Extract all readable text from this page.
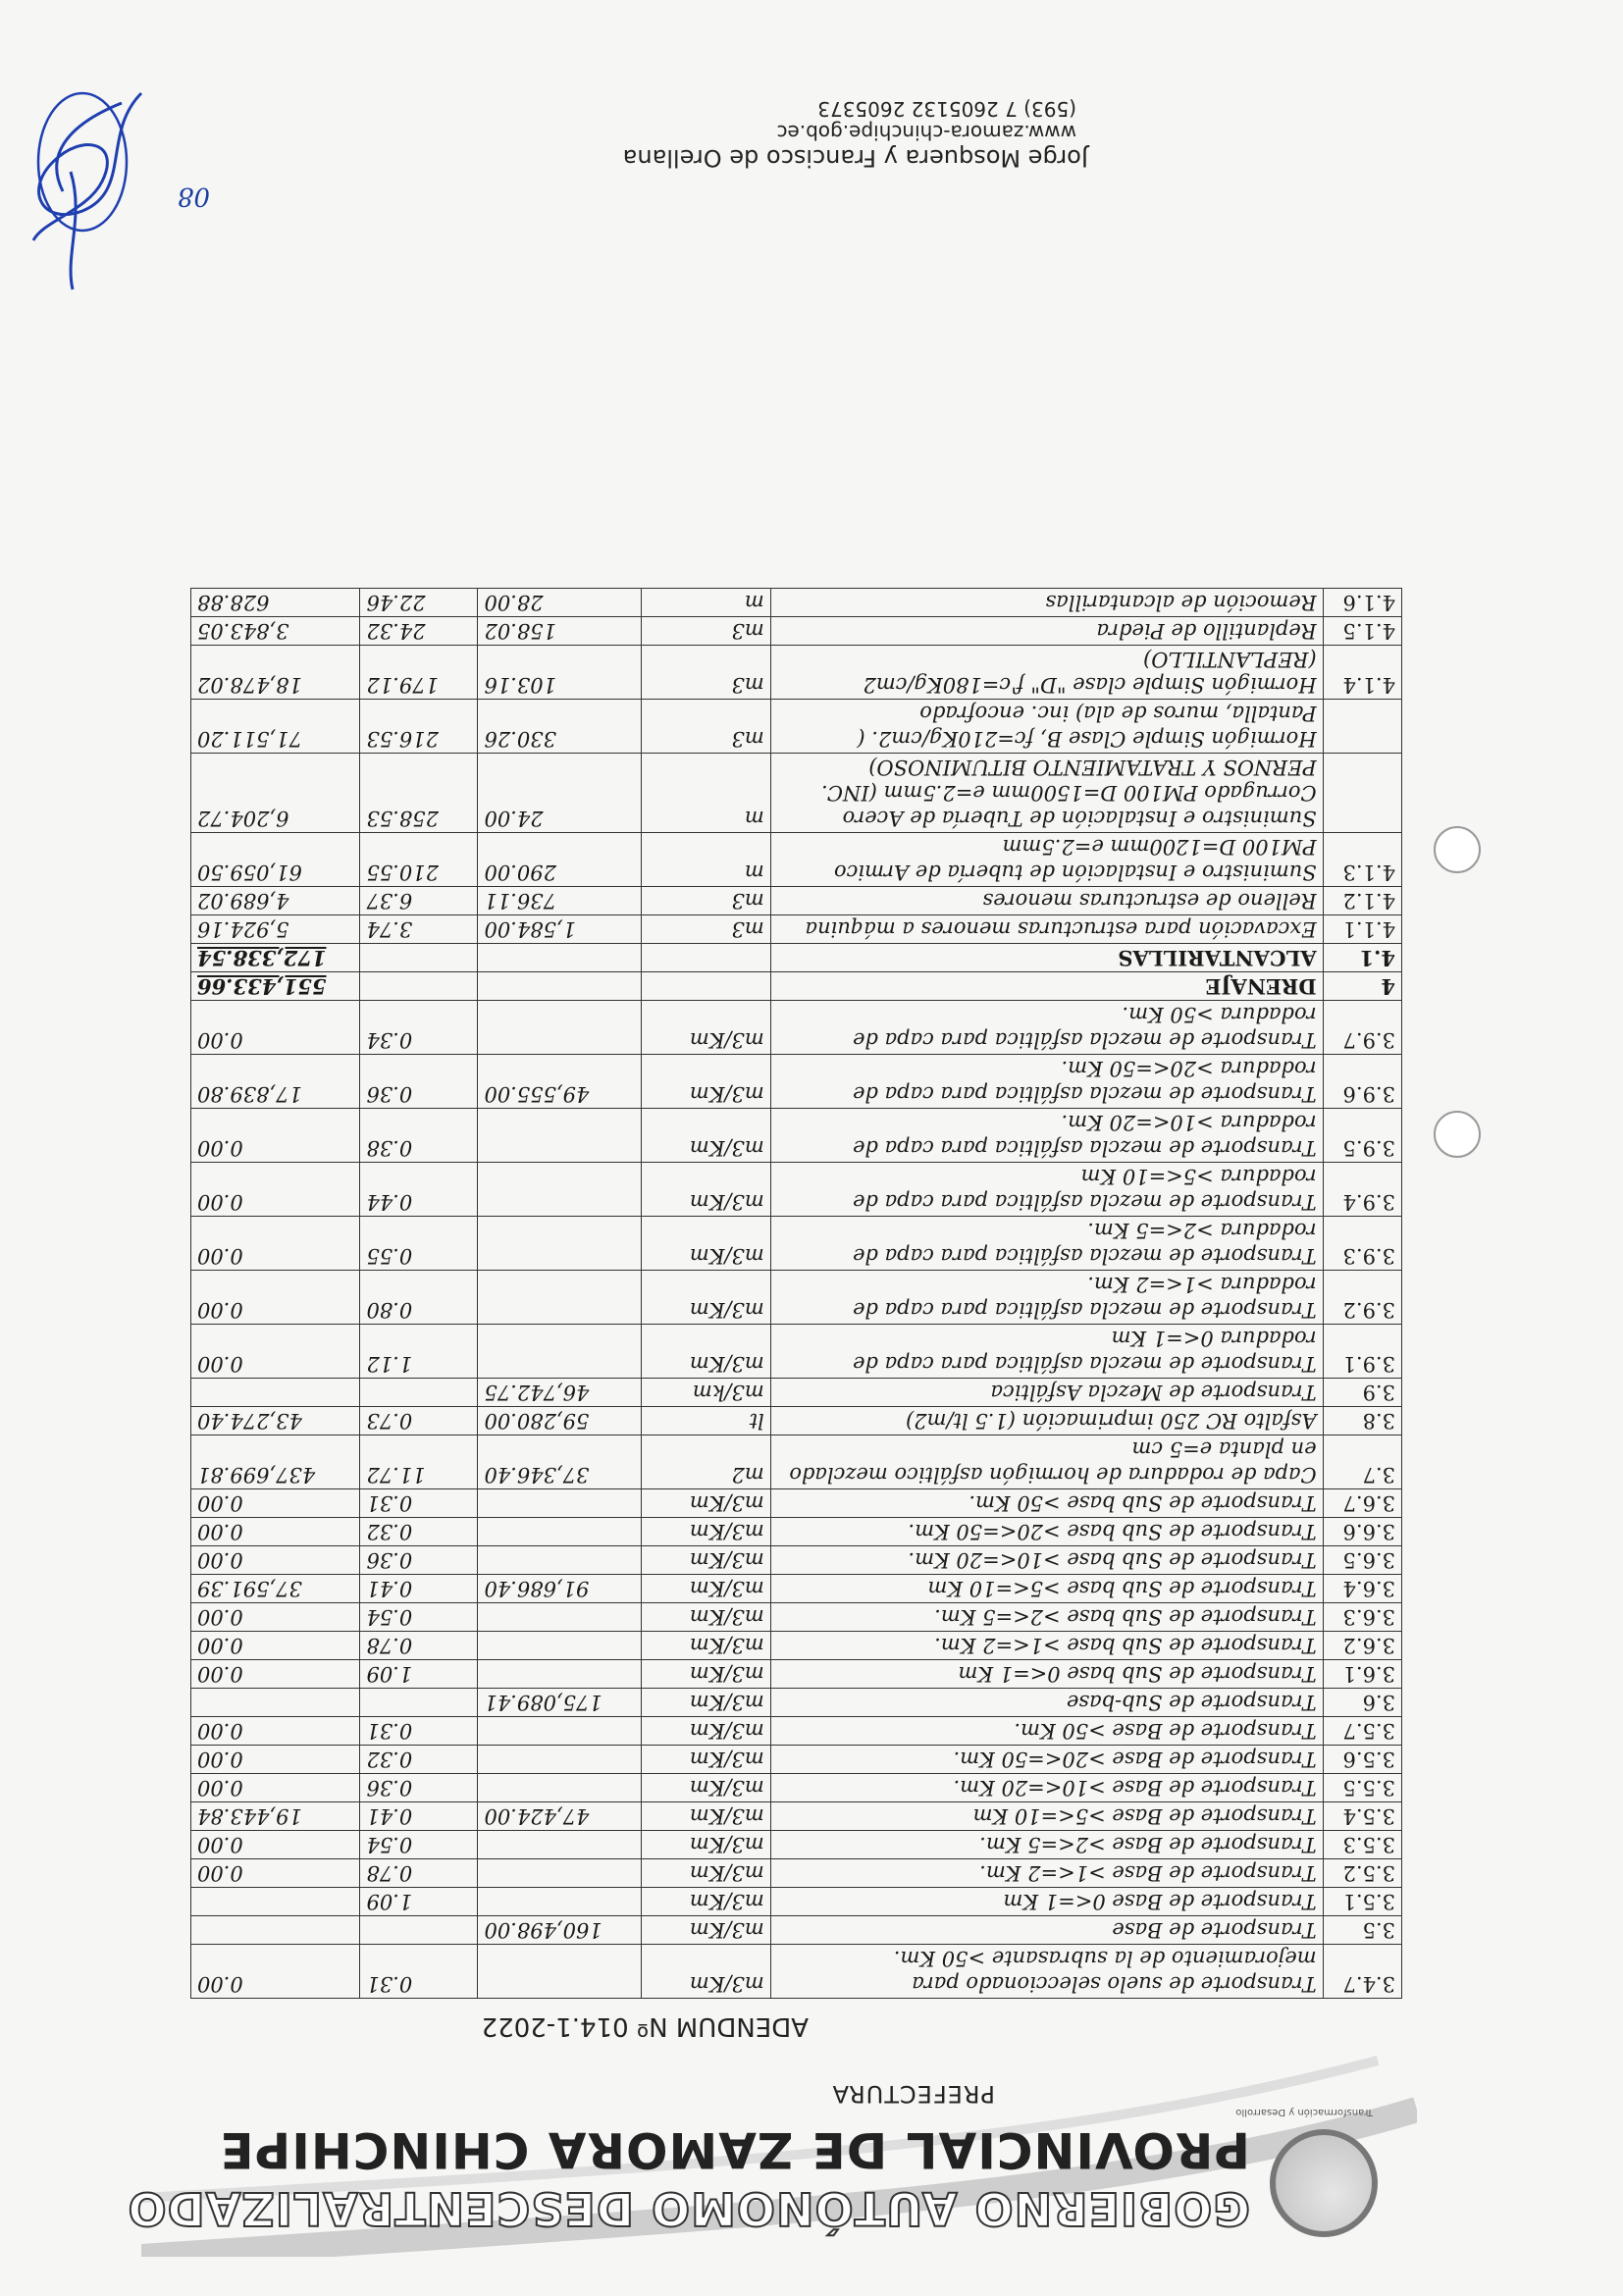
GOBIERNO AUTÓNOMO DESCENTRALIZADO
PROVINCIAL DE ZAMORA CHINCHIPE
Transformación y Desarrollo
PREFECTURA
ADENDUM Nº 014.1-2022
3.4.7	Transporte de suelo seleccionado para mejoramiento de la subrasante >50 Km.	m3/Km		0.31	0.00
3.5	Transporte de Base	m3/Km	160,498.00		
3.5.1	Transporte de Base 0<=1 Km	m3/Km		1.09	
3.5.2	Transporte de Base >1<=2 Km.	m3/Km		0.78	0.00
3.5.3	Transporte de Base >2<=5 Km.	m3/Km		0.54	0.00
3.5.4	Transporte de Base >5<=10 Km	m3/Km	47,424.00	0.41	19,443.84
3.5.5	Transporte de Base >10<=20 Km.	m3/Km		0.36	0.00
3.5.6	Transporte de Base >20<=50 Km.	m3/Km		0.32	0.00
3.5.7	Transporte de Base >50 Km.	m3/Km		0.31	0.00
3.6	Transporte de Sub-base	m3/Km	175,089.41		
3.6.1	Transporte de Sub base 0<=1 Km	m3/Km		1.09	0.00
3.6.2	Transporte de Sub base >1<=2 Km.	m3/Km		0.78	0.00
3.6.3	Transporte de Sub base >2<=5 Km.	m3/Km		0.54	0.00
3.6.4	Transporte de Sub base >5<=10 Km	m3/Km	91,686.40	0.41	37,591.39
3.6.5	Transporte de Sub base >10<=20 Km.	m3/Km		0.36	0.00
3.6.6	Transporte de Sub base >20<=50 Km.	m3/Km		0.32	0.00
3.6.7	Transporte de Sub base >50 Km.	m3/Km		0.31	0.00
3.7	Capa de rodadura de hormigón asfáltico mezclado en planta e=5 cm	m2	37,346.40	11.72	437,699.81
3.8	Asfalto RC 250 imprimación (1.5 lt/m2)	lt	59,280.00	0.73	43,274.40
3.9	Transporte de Mezcla Asfáltica	m3/km	46,742.75		
3.9.1	Transporte de mezcla asfáltica para capa de rodadura 0<=1 Km	m3/Km		1.12	0.00
3.9.2	Transporte de mezcla asfáltica para capa de rodadura >1<=2 Km.	m3/Km		0.80	0.00
3.9.3	Transporte de mezcla asfáltica para capa de rodadura >2<=5 Km.	m3/Km		0.55	0.00
3.9.4	Transporte de mezcla asfáltica para capa de rodadura >5<=10 Km	m3/Km		0.44	0.00
3.9.5	Transporte de mezcla asfáltica para capa de rodadura >10<=20 Km.	m3/Km		0.38	0.00
3.9.6	Transporte de mezcla asfáltica para capa de rodadura >20<=50 Km.	m3/Km	49,555.00	0.36	17,839.80
3.9.7	Transporte de mezcla asfáltica para capa de rodadura >50 Km.	m3/Km		0.34	0.00
4	DRENAJE				551,433.66
4.1	ALCANTARILLAS				172,338.54
4.1.1	Excavación para estructuras menores a máquina	m3	1,584.00	3.74	5,924.16
4.1.2	Relleno de estructuras menores	m3	736.11	6.37	4,689.02
4.1.3	Suministro e Instalación de tubería de Armico PM100 D=1200mm e=2.5mm	m	290.00	210.55	61,059.50
	Suministro e Instalación de Tubería de Acero Corrugado PM100 D=1500mm e=2.5mm (INC. PERNOS Y TRATAMIENTO BITUMINOSO)	m	24.00	258.53	6,204.72
	Hormigón Simple Clase B, fc=210Kg/cm2. ( Pantalla, muros de ala) inc. encofrado	m3	330.26	216.53	71,511.20
4.1.4	Hormigón Simple clase "D" f'c=180Kg/cm2 (REPLANTILLO)	m3	103.16	179.12	18,478.02
4.1.5	Replantillo de Piedra	m3	158.02	24.32	3,843.05
4.1.6	Remoción de alcantarillas	m	28.00	22.46	628.88
Jorge Mosquera y Francisco de Orellana
www.zamora-chinchipe.gob.ec
(593) 7 2605132 2605373
08
